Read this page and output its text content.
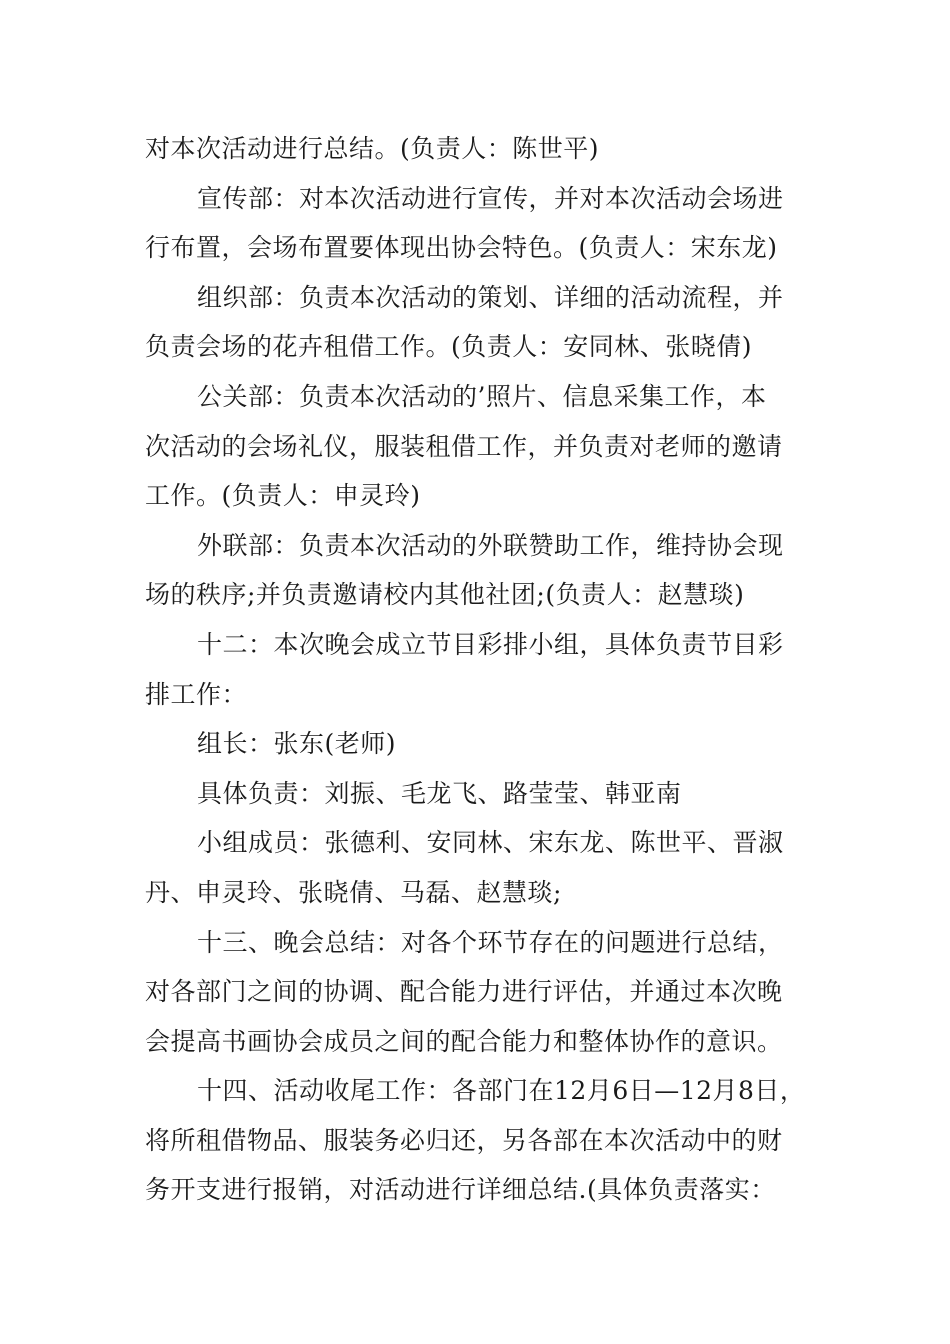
对本次活动进行总结。(负责人：陈世平)
宣传部：对本次活动进行宣传，并对本次活动会场进
行布置，会场布置要体现出协会特色。(负责人：宋东龙)
组织部：负责本次活动的策划、详细的活动流程，并
负责会场的花卉租借工作。(负责人：安同林、张晓倩)
公关部：负责本次活动的’照片、信息采集工作，本
次活动的会场礼仪，服装租借工作，并负责对老师的邀请
工作。(负责人：申灵玲)
外联部：负责本次活动的外联赞助工作，维持协会现
场的秩序;并负责邀请校内其他社团;(负责人：赵慧琰)
十二：本次晚会成立节目彩排小组，具体负责节目彩
排工作：
组长：张东(老师)
具体负责：刘振、毛龙飞、路莹莹、韩亚南
小组成员：张德利、安同林、宋东龙、陈世平、晋淑
丹、申灵玲、张晓倩、马磊、赵慧琰;
十三、晚会总结：对各个环节存在的问题进行总结，
对各部门之间的协调、配合能力进行评估，并通过本次晚
会提高书画协会成员之间的配合能力和整体协作的意识。
十四、活动收尾工作：各部门在12月6日—12月8日，
将所租借物品、服装务必归还，另各部在本次活动中的财
务开支进行报销，对活动进行详细总结.(具体负责落实：
